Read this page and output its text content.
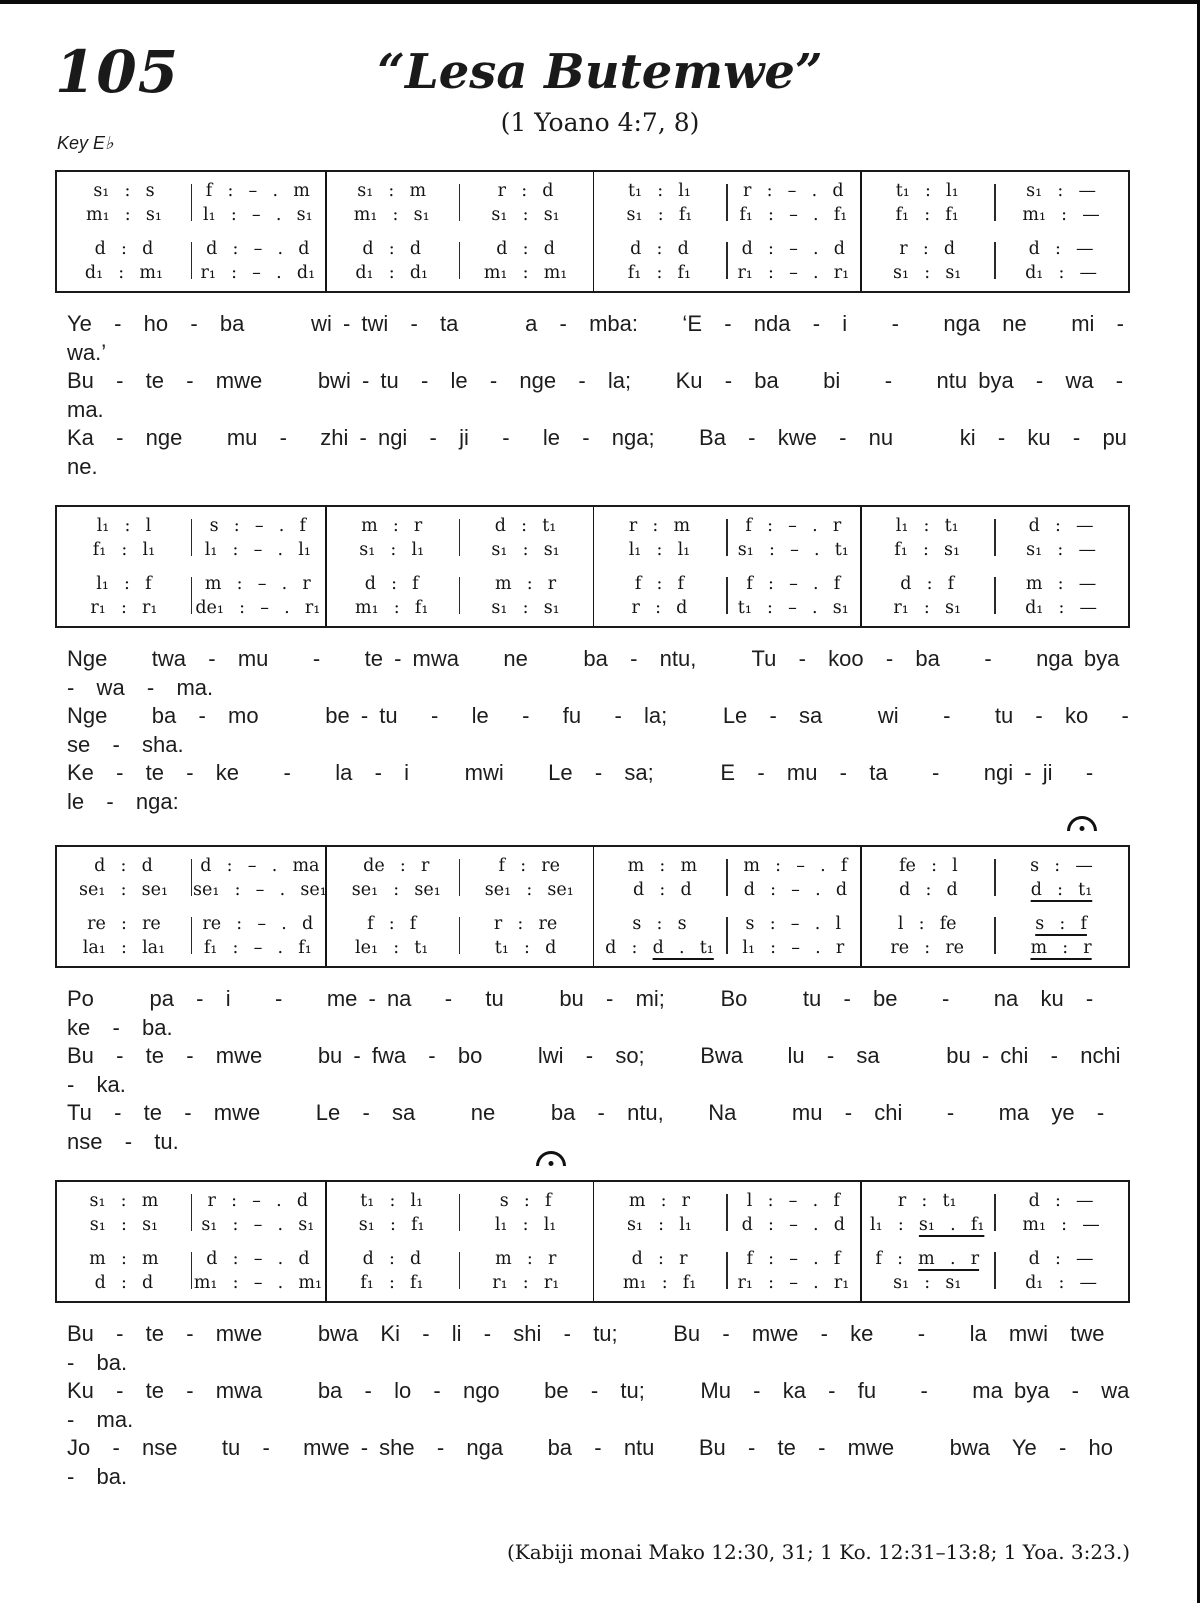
105	“Lesa Butemwe”
(1 Yoano 4:7, 8)
Key E♭
s₁ : s
m₁ : s₁
f : – . m
l₁ : – . s₁
s₁ : m
m₁ : s₁
r : d
s₁ : s₁
t₁ : l₁
s₁ : f₁
r : – . d
f₁ : – . f₁
t₁ : l₁
f₁ : f₁
s₁ : —
m₁ : —
d : d
d₁ : m₁
d : – . d
r₁ : – . d₁
d : d
d₁ : d₁
d : d
m₁ : m₁
d : d
f₁ : f₁
d : – . d
r₁ : – . r₁
r : d
s₁ : s₁
d : —
d₁ : —
Ye  -  ho  -  ba      wi - twi  -  ta      a  -  mba:    ‘E  -  nda  -  i    -    nga  ne    mi  -  wa.’
Bu  -  te  -  mwe     bwi - tu  -  le  -  nge  -  la;    Ku  -  ba    bi    -    ntu bya  -  wa  -  ma.
Ka  -  nge    mu  -   zhi - ngi  -  ji   -   le  -  nga;    Ba  -  kwe  -  nu      ki  -  ku  -  pu     ne.
l₁ : l
f₁ : l₁
s : – . f
l₁ : – . l₁
m : r
s₁ : l₁
d : t₁
s₁ : s₁
r : m
l₁ : l₁
f : – . r
s₁ : – . t₁
l₁ : t₁
f₁ : s₁
d : —
s₁ : —
l₁ : f
r₁ : r₁
m : – . r
de₁ : – . r₁
d : f
m₁ : f₁
m : r
s₁ : s₁
f : f
r : d
f : – . f
t₁ : – . s₁
d : f
r₁ : s₁
m : —
d₁ : —
Nge    twa  -  mu    -    te - mwa    ne     ba  -  ntu,     Tu  -  koo  -  ba    -    nga bya  -  wa  -  ma.
Nge    ba  -  mo      be - tu   -   le   -   fu   -  la;     Le  -  sa     wi    -    tu  -  ko   -  se  -  sha.
Ke  -  te  -  ke    -    la  -  i     mwi    Le  -  sa;      E  -  mu  -  ta    -    ngi - ji   -   le  -  nga:
d : d
se₁ : se₁
d : – . ma
se₁ : – . se₁
de : r
se₁ : se₁
f : re
se₁ : se₁
m : m
d : d
m : – . f
d : – . d
fe : l
d : d
s : —
d : t₁
re : re
la₁ : la₁
re : – . d
f₁ : – . f₁
f : f
le₁ : t₁
r : re
t₁ : d
s : s
d : d . t₁
s : – . l
l₁ : – . r
l : fe
re : re
s : f
m : r
Po     pa  -  i    -    me - na   -   tu     bu  -  mi;     Bo     tu  -  be    -    na  ku  -  ke  -  ba.
Bu  -  te  -  mwe     bu - fwa  -  bo     lwi  -  so;     Bwa    lu  -  sa      bu - chi  -  nchi  -  ka.
Tu  -  te  -  mwe     Le  -  sa     ne     ba  -  ntu,    Na     mu  -  chi    -    ma  ye  -  nse  -  tu.
s₁ : m
s₁ : s₁
r : – . d
s₁ : – . s₁
t₁ : l₁
s₁ : f₁
s : f
l₁ : l₁
m : r
s₁ : l₁
l : – . f
d : – . d
r : t₁
l₁ : s₁ . f₁
d : —
m₁ : —
m : m
d : d
d : – . d
m₁ : – . m₁
d : d
f₁ : f₁
m : r
r₁ : r₁
d : r
m₁ : f₁
f : – . f
r₁ : – . r₁
f : m . r
s₁ : s₁
d : —
d₁ : —
Bu  -  te  -  mwe     bwa  Ki  -  li  -  shi  -  tu;     Bu  -  mwe  -  ke    -    la  mwi  twe  -  ba.
Ku  -  te  -  mwa     ba  -  lo  -  ngo    be  -  tu;     Mu  -  ka  -  fu    -    ma bya  -  wa  -  ma.
Jo  -  nse    tu  -   mwe - she  -  nga    ba  -  ntu    Bu  -  te  -  mwe     bwa  Ye  -  ho  -  ba.
(Kabiji monai Mako 12:30, 31; 1 Ko. 12:31–13:8; 1 Yoa. 3:23.)
